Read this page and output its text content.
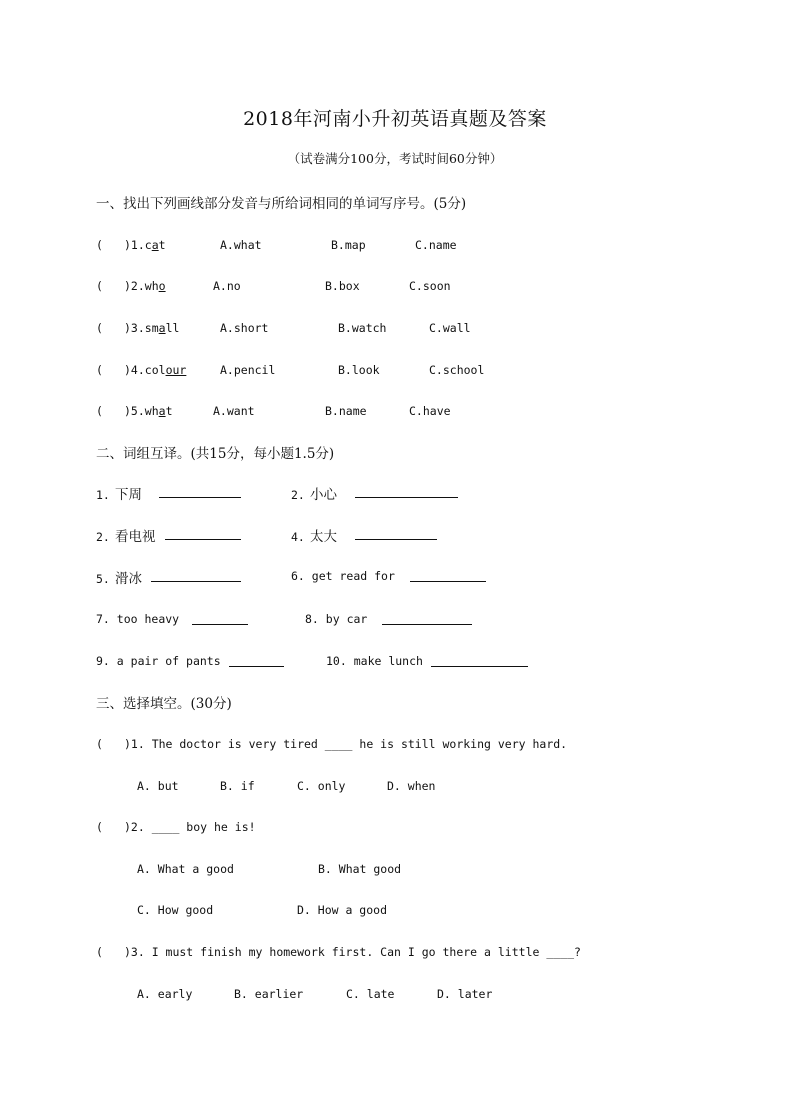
2018年河南小升初英语真题及答案
（试卷满分100分，考试时间60分钟）
一、找出下列画线部分发音与所给词相同的单词写序号。(5分)
( )1.cat	A.what	B.map	C.name
( )2.who	A.no	B.box	C.soon
( )3.small	A.short	B.watch	C.wall
( )4.colour	A.pencil	B.look	C.school
( )5.what	A.want	B.name	C.have
二、词组互译。(共15分，每小题1.5分)
1. 下周	2. 小心
2. 看电视	4. 太大
5. 滑冰	6. get read for
7. too heavy	8. by car
9. a pair of pants	10. make lunch
三、选择填空。(30分)
( )1. The doctor is very tired ____ he is still working very hard.
A. but	B. if	C. only	D. when
( )2. ____ boy he is!
A. What a good	B. What good
C. How good	D. How a good
( )3. I must finish my homework first. Can I go there a little ____?
A. early	B. earlier	C. late	D. later
